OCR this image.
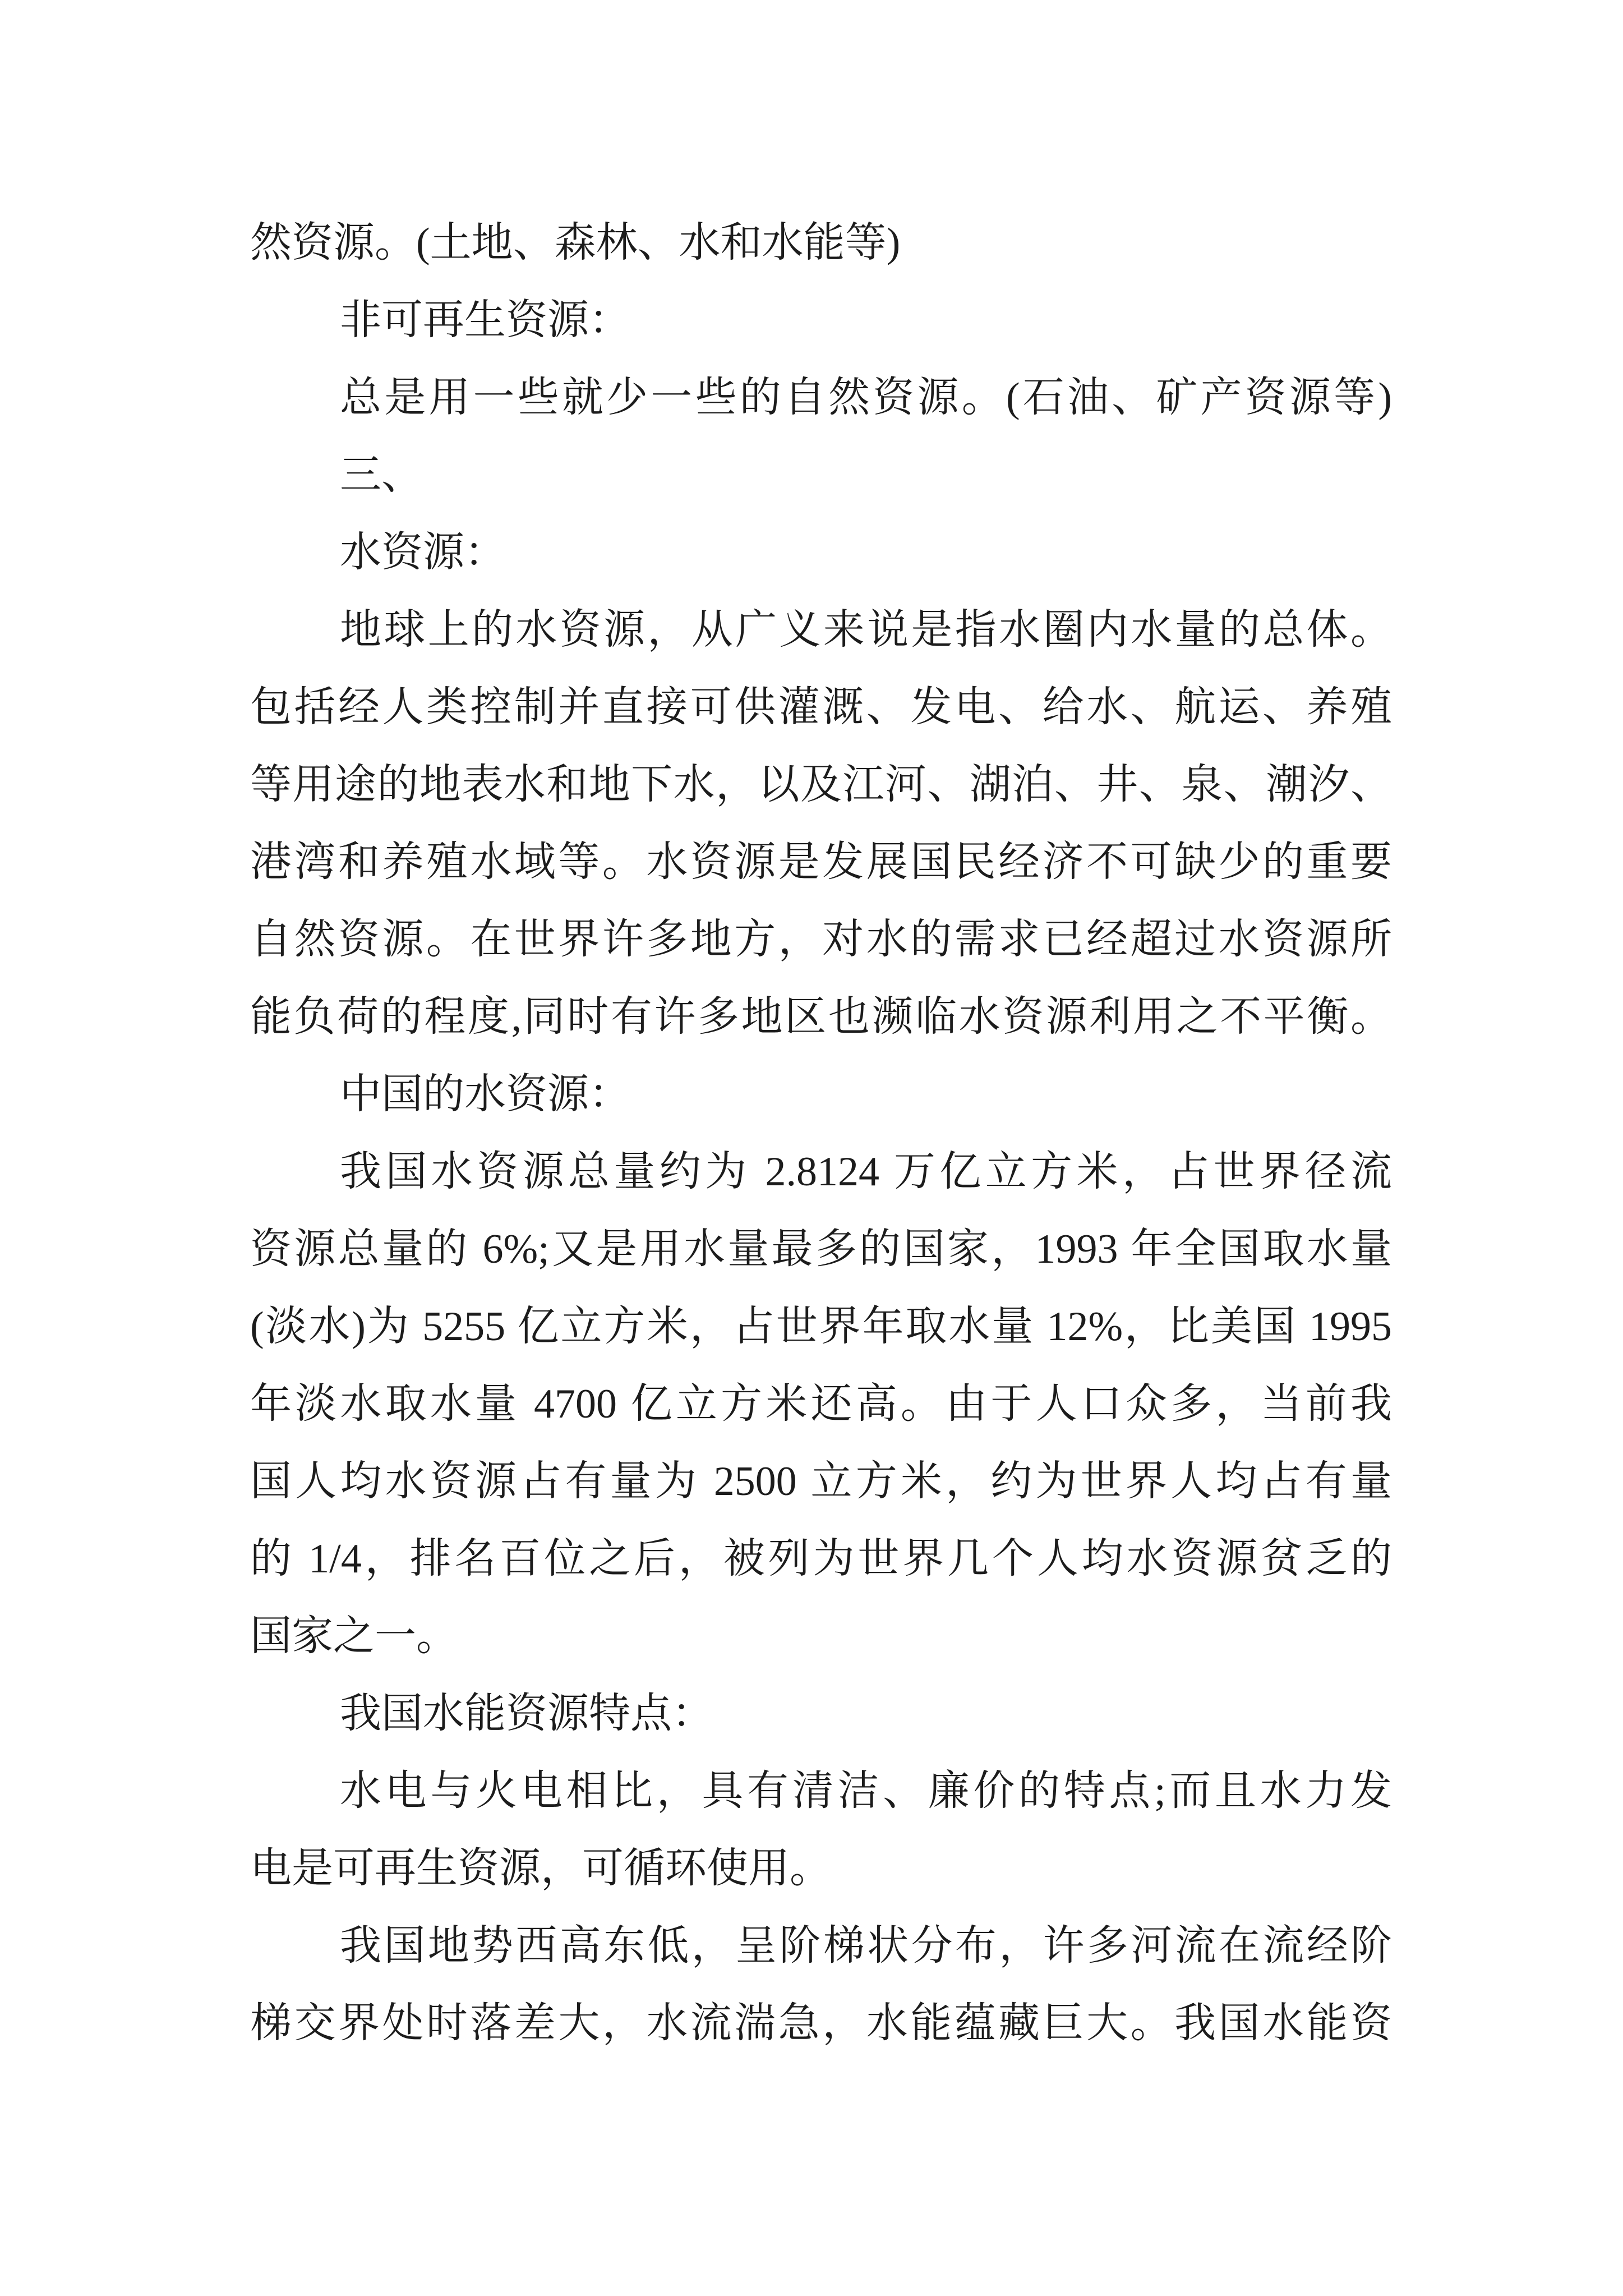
然资源。(土地、森林、水和水能等)
非可再生资源：
总是用一些就少一些的自然资源。(石油、矿产资源等)
三、
水资源：
地球上的水资源，从广义来说是指水圈内水量的总体。
包括经人类控制并直接可供灌溉、发电、给水、航运、养殖
等用途的地表水和地下水，以及江河、湖泊、井、泉、潮汐、
港湾和养殖水域等。水资源是发展国民经济不可缺少的重要
自然资源。在世界许多地方，对水的需求已经超过水资源所
能负荷的程度,同时有许多地区也濒临水资源利用之不平衡。
中国的水资源：
我国水资源总量约为 2.8124 万亿立方米，占世界径流
资源总量的 6%;又是用水量最多的国家，1993 年全国取水量
(淡水)为 5255 亿立方米，占世界年取水量 12%，比美国 1995
年淡水取水量 4700 亿立方米还高。由于人口众多，当前我
国人均水资源占有量为 2500 立方米，约为世界人均占有量
的 1/4，排名百位之后，被列为世界几个人均水资源贫乏的
国家之一。
我国水能资源特点：
水电与火电相比，具有清洁、廉价的特点;而且水力发
电是可再生资源，可循环使用。
我国地势西高东低，呈阶梯状分布，许多河流在流经阶
梯交界处时落差大，水流湍急，水能蕴藏巨大。我国水能资
